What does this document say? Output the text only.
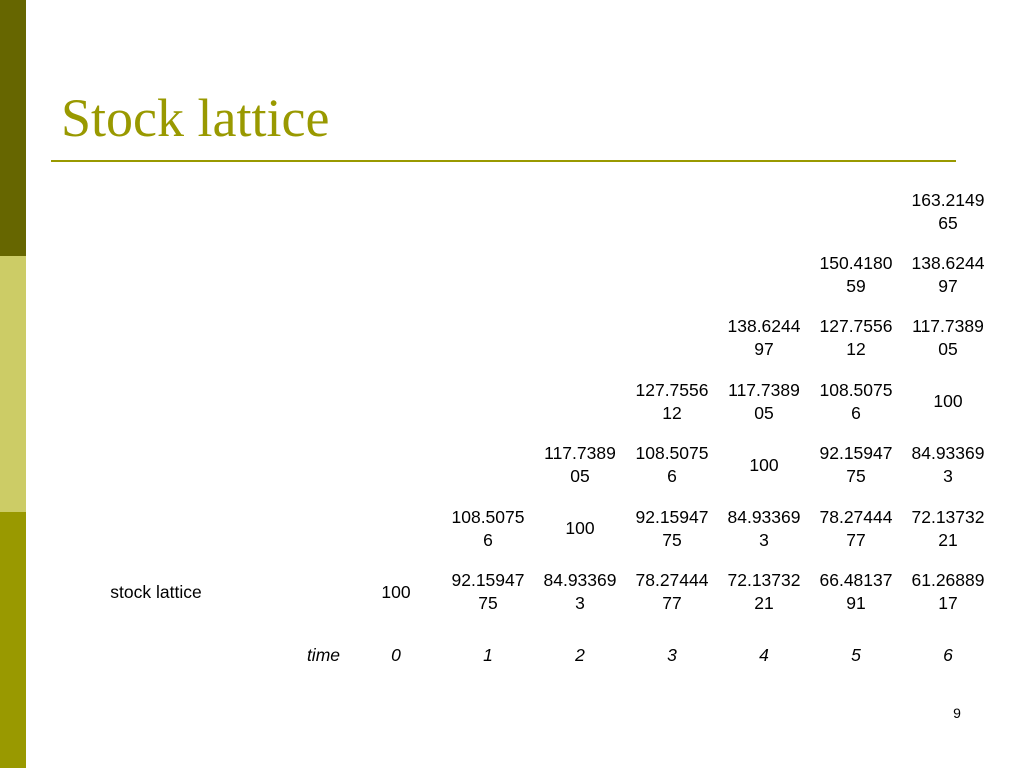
Stock lattice
								163.214965
							150.418059	138.624497
						138.624497	127.755612	117.738905
					127.755612	117.738905	108.50756	100
				117.738905	108.50756	100	92.1594775	84.933693
			108.50756	100	92.1594775	84.933693	78.2744477	72.1373221
stock lattice		100	92.1594775	84.933693	78.2744477	72.1373221	66.4813791	61.2688917
	time	0	1	2	3	4	5	6
9
